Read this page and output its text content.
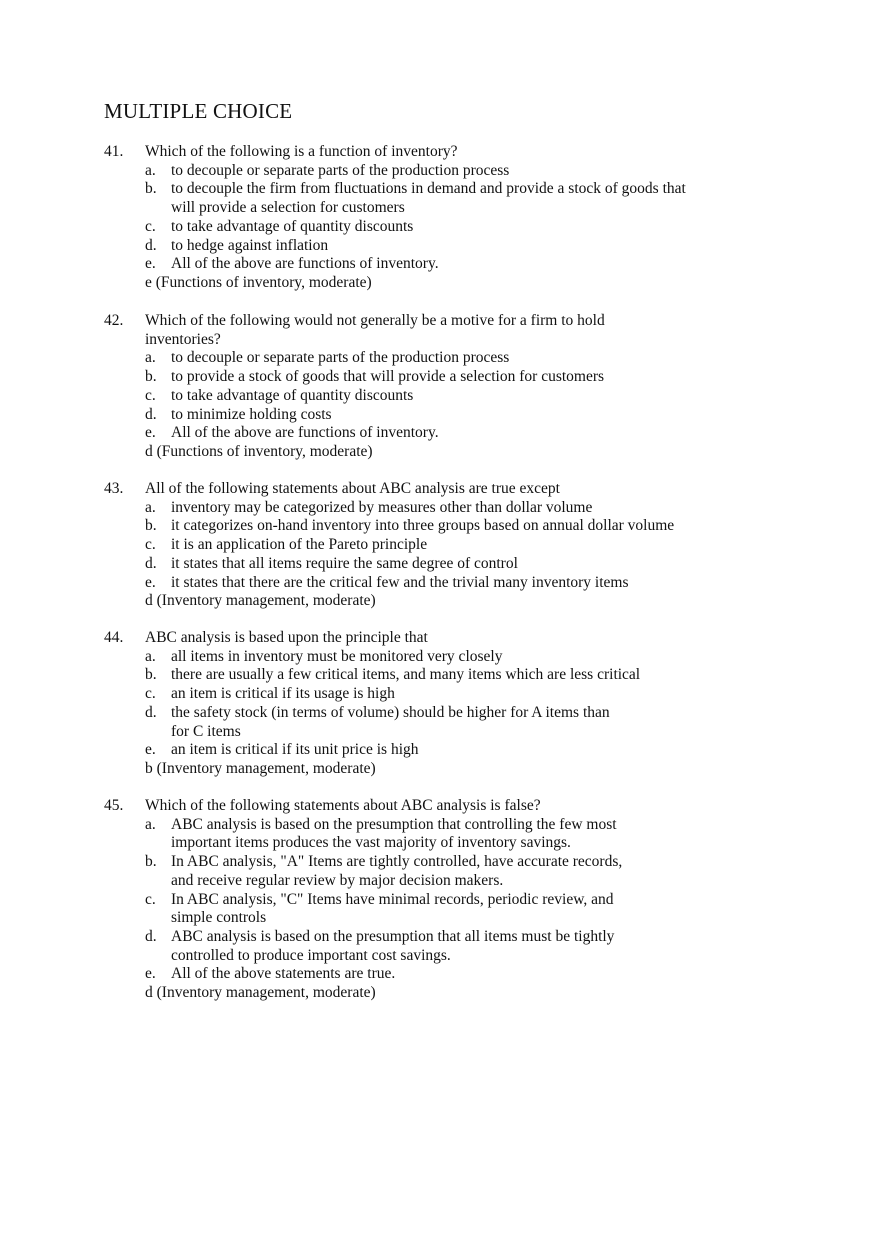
MULTIPLE CHOICE
41.	Which of the following is a function of inventory?
a. to decouple or separate parts of the production process
b. to decouple the firm from fluctuations in demand and provide a stock of goods that will provide a selection for customers
c. to take advantage of quantity discounts
d. to hedge against inflation
e. All of the above are functions of inventory.
e (Functions of inventory, moderate)
42.	Which of the following would not generally be a motive for a firm to hold inventories?
a. to decouple or separate parts of the production process
b. to provide a stock of goods that will provide a selection for customers
c. to take advantage of quantity discounts
d. to minimize holding costs
e. All of the above are functions of inventory.
d (Functions of inventory, moderate)
43.	All of the following statements about ABC analysis are true except
a. inventory may be categorized by measures other than dollar volume
b. it categorizes on-hand inventory into three groups based on annual dollar volume
c. it is an application of the Pareto principle
d. it states that all items require the same degree of control
e. it states that there are the critical few and the trivial many inventory items
d (Inventory management, moderate)
44.	ABC analysis is based upon the principle that
a. all items in inventory must be monitored very closely
b. there are usually a few critical items, and many items which are less critical
c. an item is critical if its usage is high
d. the safety stock (in terms of volume) should be higher for A items than for C items
e. an item is critical if its unit price is high
b (Inventory management, moderate)
45.	Which of the following statements about ABC analysis is false?
a. ABC analysis is based on the presumption that controlling the few most important items produces the vast majority of inventory savings.
b. In ABC analysis, "A" Items are tightly controlled, have accurate records, and receive regular review by major decision makers.
c. In ABC analysis, "C" Items have minimal records, periodic review, and simple controls
d. ABC analysis is based on the presumption that all items must be tightly controlled to produce important cost savings.
e. All of the above statements are true.
d (Inventory management, moderate)
